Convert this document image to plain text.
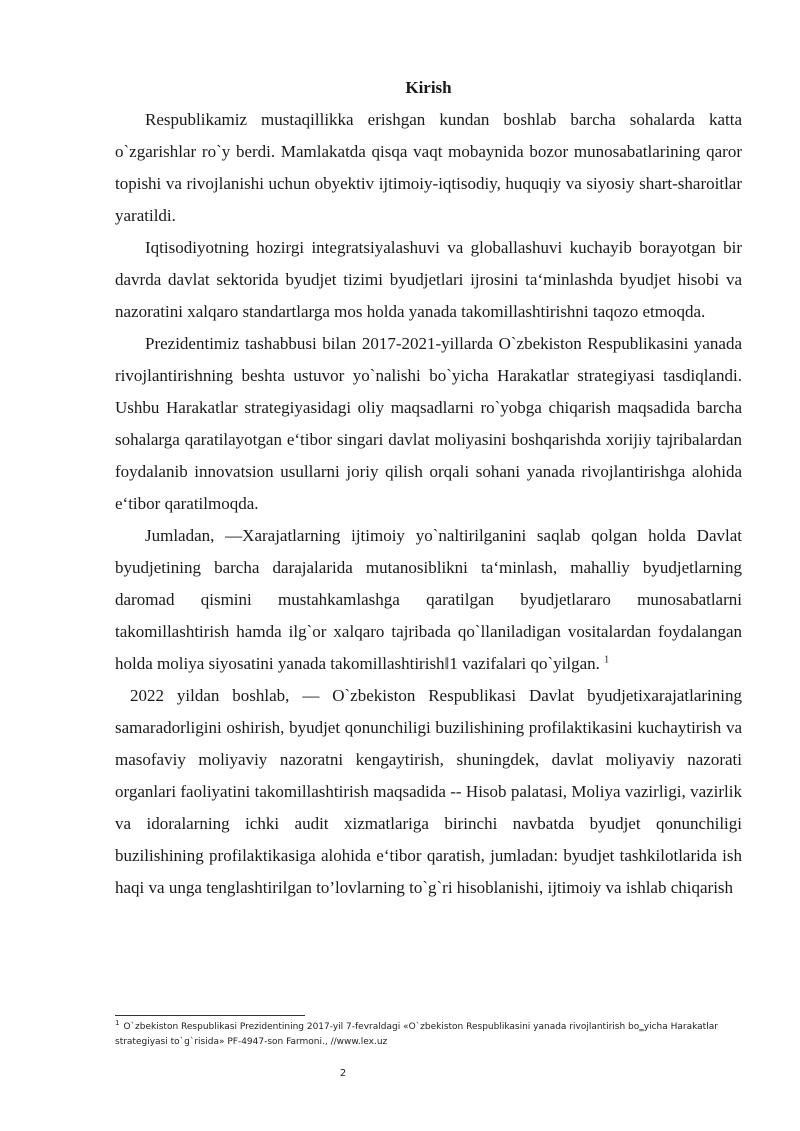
Kirish

Respublikamiz mustaqillikka erishgan kundan boshlab barcha sohalarda katta o`zgarishlar ro`y berdi. Mamlakatda qisqa vaqt mobaynida bozor munosabatlarining qaror topishi va rivojlanishi uchun obyektiv ijtimoiy-iqtisodiy, huquqiy va siyosiy shart-sharoitlar yaratildi.

Iqtisodiyotning hozirgi integratsiyalashuvi va globallashuvi kuchayib borayotgan bir davrda davlat sektorida byudjet tizimi byudjetlari ijrosini ta‘minlashda byudjet hisobi va nazoratini xalqaro standartlarga mos holda yanada takomillashtirishni taqozo etmoqda.

Prezidentimiz tashabbusi bilan 2017-2021-yillarda O`zbekiston Respublikasini yanada rivojlantirishning beshta ustuvor yo`nalishi bo`yicha Harakatlar strategiyasi tasdiqlandi. Ushbu Harakatlar strategiyasidagi oliy maqsadlarni ro`yobga chiqarish maqsadida barcha sohalarga qaratilayotgan e‘tibor singari davlat moliyasini boshqarishda xorijiy tajribalardan foydalanib innovatsion usullarni joriy qilish orqali sohani yanada rivojlantirishga alohida e‘tibor qaratilmoqda.

Jumladan, ―Xarajatlarning ijtimoiy yo`naltirilganini saqlab qolgan holda Davlat byudjetining barcha darajalarida mutanosiblikni ta‘minlash, mahalliy byudjetlarning daromad qismini mustahkamlashga qaratilgan byudjetlararo munosabatlarni takomillashtirish hamda ilg`or xalqaro tajribada qo`llaniladigan vositalardan foydalangan holda moliya siyosatini yanada takomillashtirish‖1 vazifalari qo`yilgan. $^1$

2022 yildan boshlab, ― O`zbekiston Respublikasi Davlat byudjetixarajatlarining samaradorligini oshirish, byudjet qonunchiligi buzilishining profilaktikasini kuchaytirish va masofaviy moliyaviy nazoratni kengaytirish, shuningdek, davlat moliyaviy nazorati organlari faoliyatini takomillashtirish maqsadida -- Hisob palatasi, Moliya vazirligi, vazirlik va idoralarning ichki audit xizmatlariga birinchi navbatda byudjet qonunchiligi buzilishining profilaktikasiga alohida e‘tibor qaratish, jumladan: byudjet tashkilotlarida ish haqi va unga tenglashtirilgan to’lovlarning to`g`ri hisoblanishi, ijtimoiy va ishlab chiqarish

$^1$ O`zbekiston Respublikasi Prezidentining 2017-yil 7-fevraldagi «O`zbekiston Respublikasini yanada rivojlantirish bo‗yicha Harakatlar strategiyasi to`g`risida» PF-4947-son Farmoni., //www.lex.uz
2
